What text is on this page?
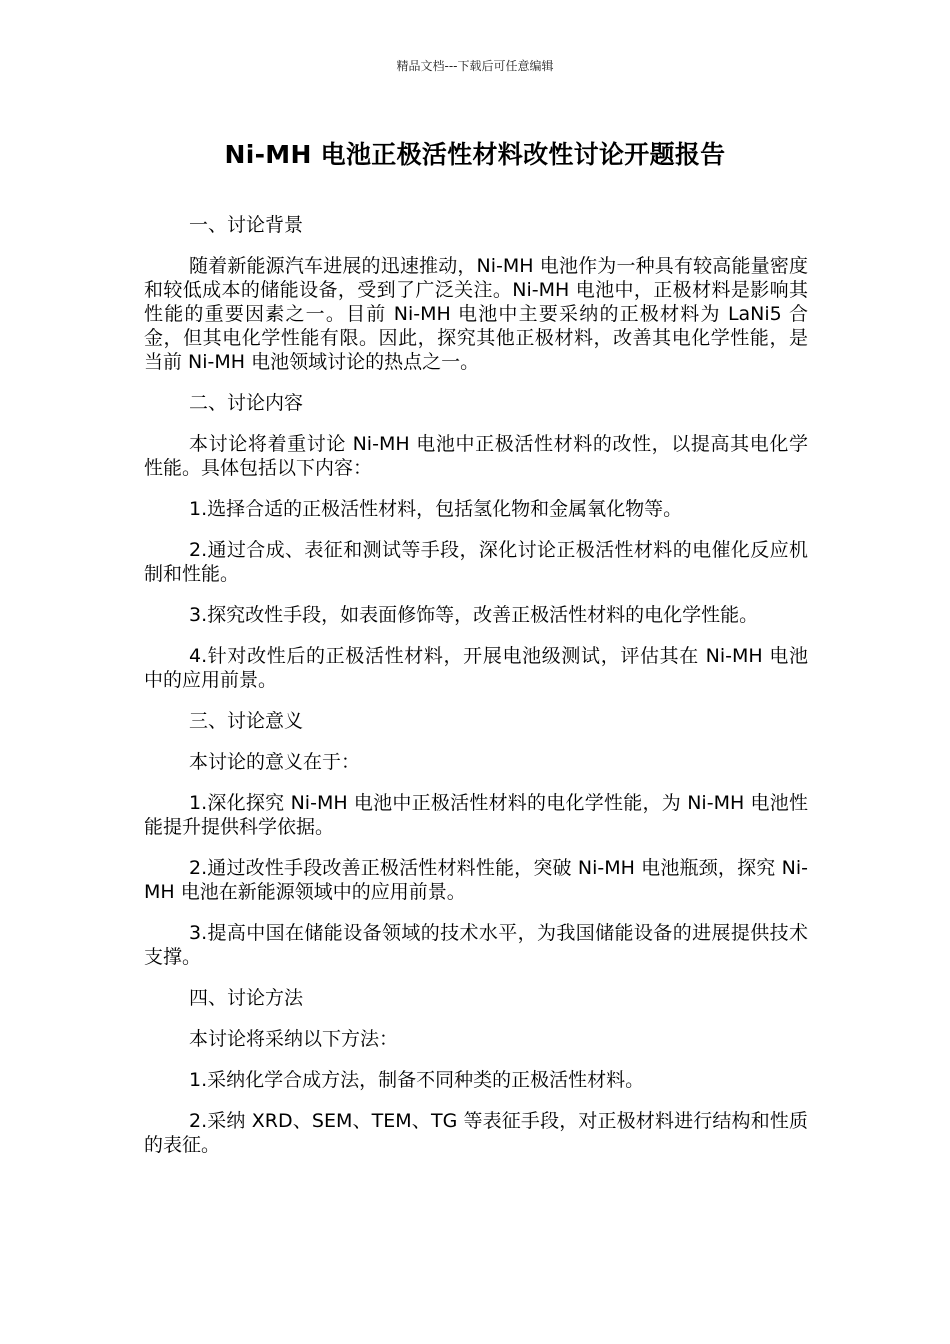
精品文档---下载后可任意编辑
Ni-MH 电池正极活性材料改性讨论开题报告

一、讨论背景

随着新能源汽车进展的迅速推动，Ni-MH 电池作为一种具有较高能量密度和较低成本的储能设备，受到了广泛关注。Ni-MH 电池中，正极材料是影响其性能的重要因素之一。目前 Ni-MH 电池中主要采纳的正极材料为 LaNi5 合金，但其电化学性能有限。因此，探究其他正极材料，改善其电化学性能，是当前 Ni-MH 电池领域讨论的热点之一。

二、讨论内容

本讨论将着重讨论 Ni-MH 电池中正极活性材料的改性，以提高其电化学性能。具体包括以下内容：

1.选择合适的正极活性材料，包括氢化物和金属氧化物等。

2.通过合成、表征和测试等手段，深化讨论正极活性材料的电催化反应机制和性能。

3.探究改性手段，如表面修饰等，改善正极活性材料的电化学性能。

4.针对改性后的正极活性材料，开展电池级测试，评估其在 Ni-MH 电池中的应用前景。

三、讨论意义

本讨论的意义在于：

1.深化探究 Ni-MH 电池中正极活性材料的电化学性能，为 Ni-MH 电池性能提升提供科学依据。

2.通过改性手段改善正极活性材料性能，突破 Ni-MH 电池瓶颈，探究 Ni-MH 电池在新能源领域中的应用前景。

3.提高中国在储能设备领域的技术水平，为我国储能设备的进展提供技术支撑。

四、讨论方法

本讨论将采纳以下方法：

1.采纳化学合成方法，制备不同种类的正极活性材料。

2.采纳 XRD、SEM、TEM、TG 等表征手段，对正极材料进行结构和性质的表征。
